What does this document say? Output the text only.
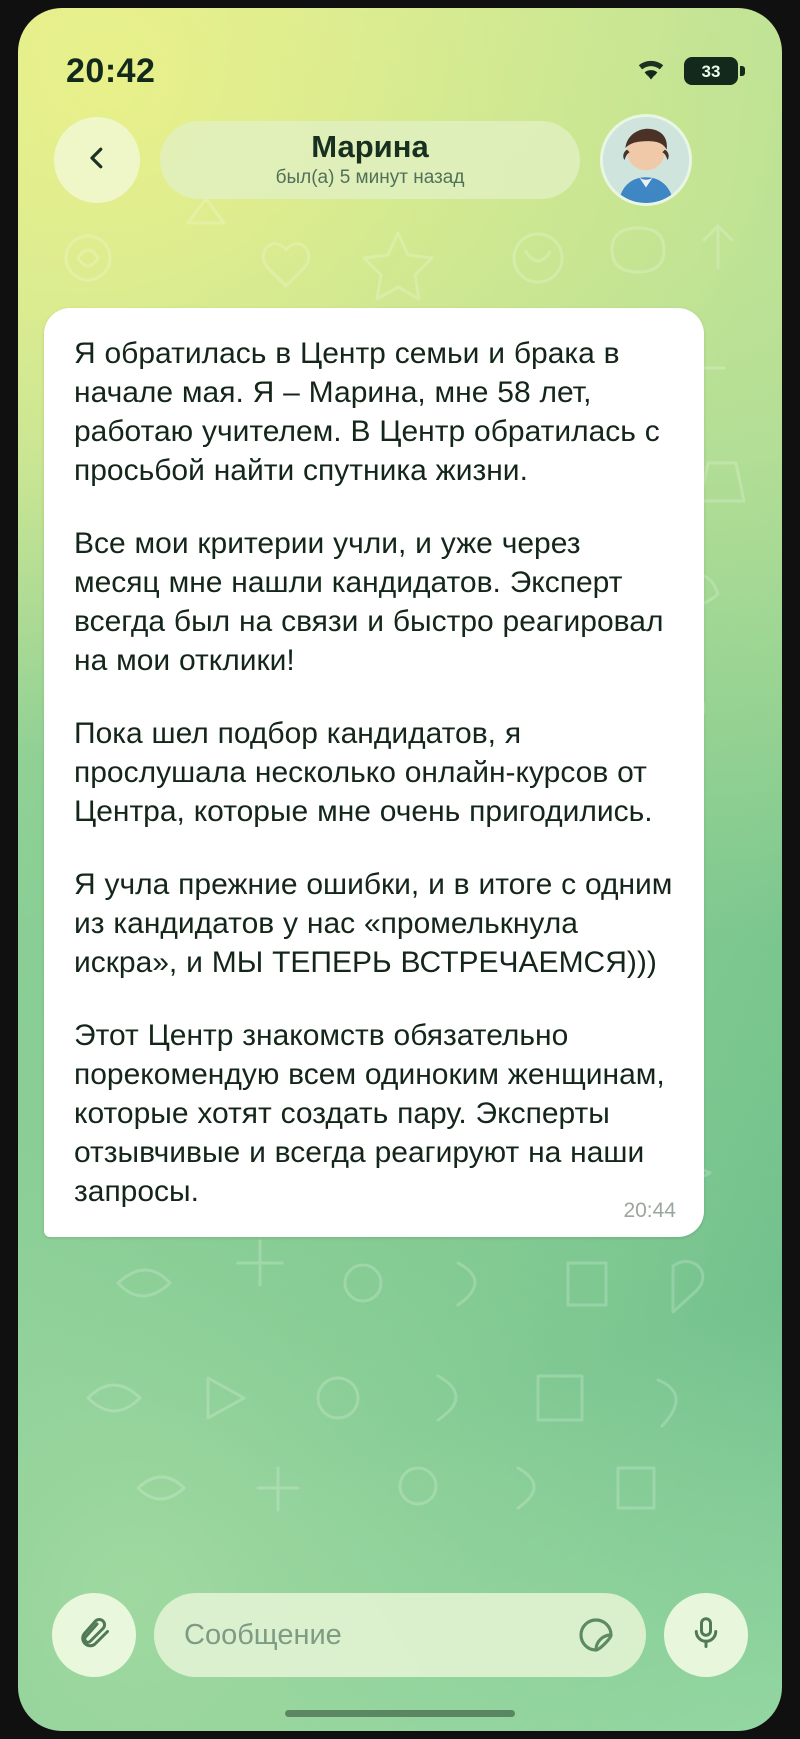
20:42	33
Марина
был(а) 5 минут назад

Я обратилась в Центр семьи и брака в начале мая. Я – Марина, мне 58 лет, работаю учителем. В Центр обратилась с просьбой найти спутника жизни.

Все мои критерии учли, и уже через месяц мне нашли кандидатов. Эксперт всегда был на связи и быстро реагировал на мои отклики!

Пока шел подбор кандидатов, я прослушала несколько онлайн-курсов от Центра, которые мне очень пригодились.

Я учла прежние ошибки, и в итоге с одним из кандидатов у нас «промелькнула искра», и МЫ ТЕПЕРЬ ВСТРЕЧАЕМСЯ)))

Этот Центр знакомств обязательно порекомендую всем одиноким женщинам, которые хотят создать пару. Эксперты отзывчивые и всегда реагируют на наши запросы.

20:44
Сообщение
